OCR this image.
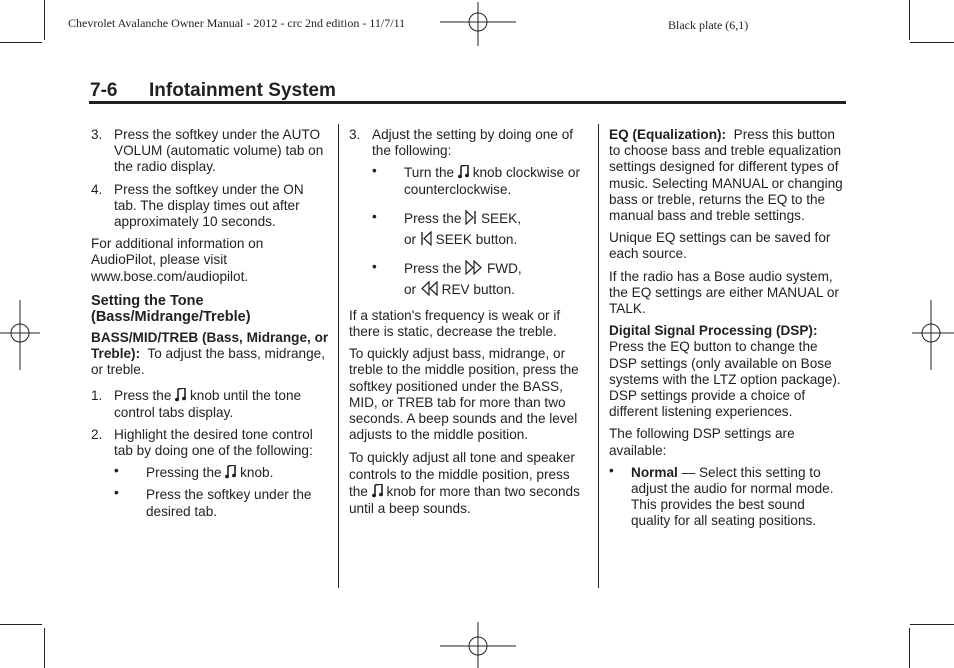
Chevrolet Avalanche Owner Manual - 2012 - crc 2nd edition - 11/7/11	Black plate (6,1)
7-6 Infotainment System
3. Press the softkey under the AUTO VOLUM (automatic volume) tab on the radio display.
4. Press the softkey under the ON tab. The display times out after approximately 10 seconds.

For additional information on AudioPilot, please visit www.bose.com/audiopilot.

Setting the Tone (Bass/Midrange/Treble)

BASS/MID/TREB (Bass, Midrange, or Treble): To adjust the bass, midrange, or treble.

1. Press the knob until the tone control tabs display.
2. Highlight the desired tone control tab by doing one of the following:
• Pressing the knob.
• Press the softkey under the desired tab.
3. Adjust the setting by doing one of the following:
• Turn the knob clockwise or counterclockwise.
• Press the SEEK,
or SEEK button.
• Press the FWD,
or REV button.

If a station's frequency is weak or if there is static, decrease the treble.

To quickly adjust bass, midrange, or treble to the middle position, press the softkey positioned under the BASS, MID, or TREB tab for more than two seconds. A beep sounds and the level adjusts to the middle position.

To quickly adjust all tone and speaker controls to the middle position, press the knob for more than two seconds until a beep sounds.

EQ (Equalization): Press this button to choose bass and treble equalization settings designed for different types of music. Selecting MANUAL or changing bass or treble, returns the EQ to the manual bass and treble settings.

Unique EQ settings can be saved for each source.

If the radio has a Bose audio system, the EQ settings are either MANUAL or TALK.

Digital Signal Processing (DSP):
Press the EQ button to change the DSP settings (only available on Bose systems with the LTZ option package). DSP settings provide a choice of different listening experiences.

The following DSP settings are available:

• Normal — Select this setting to adjust the audio for normal mode. This provides the best sound quality for all seating positions.
